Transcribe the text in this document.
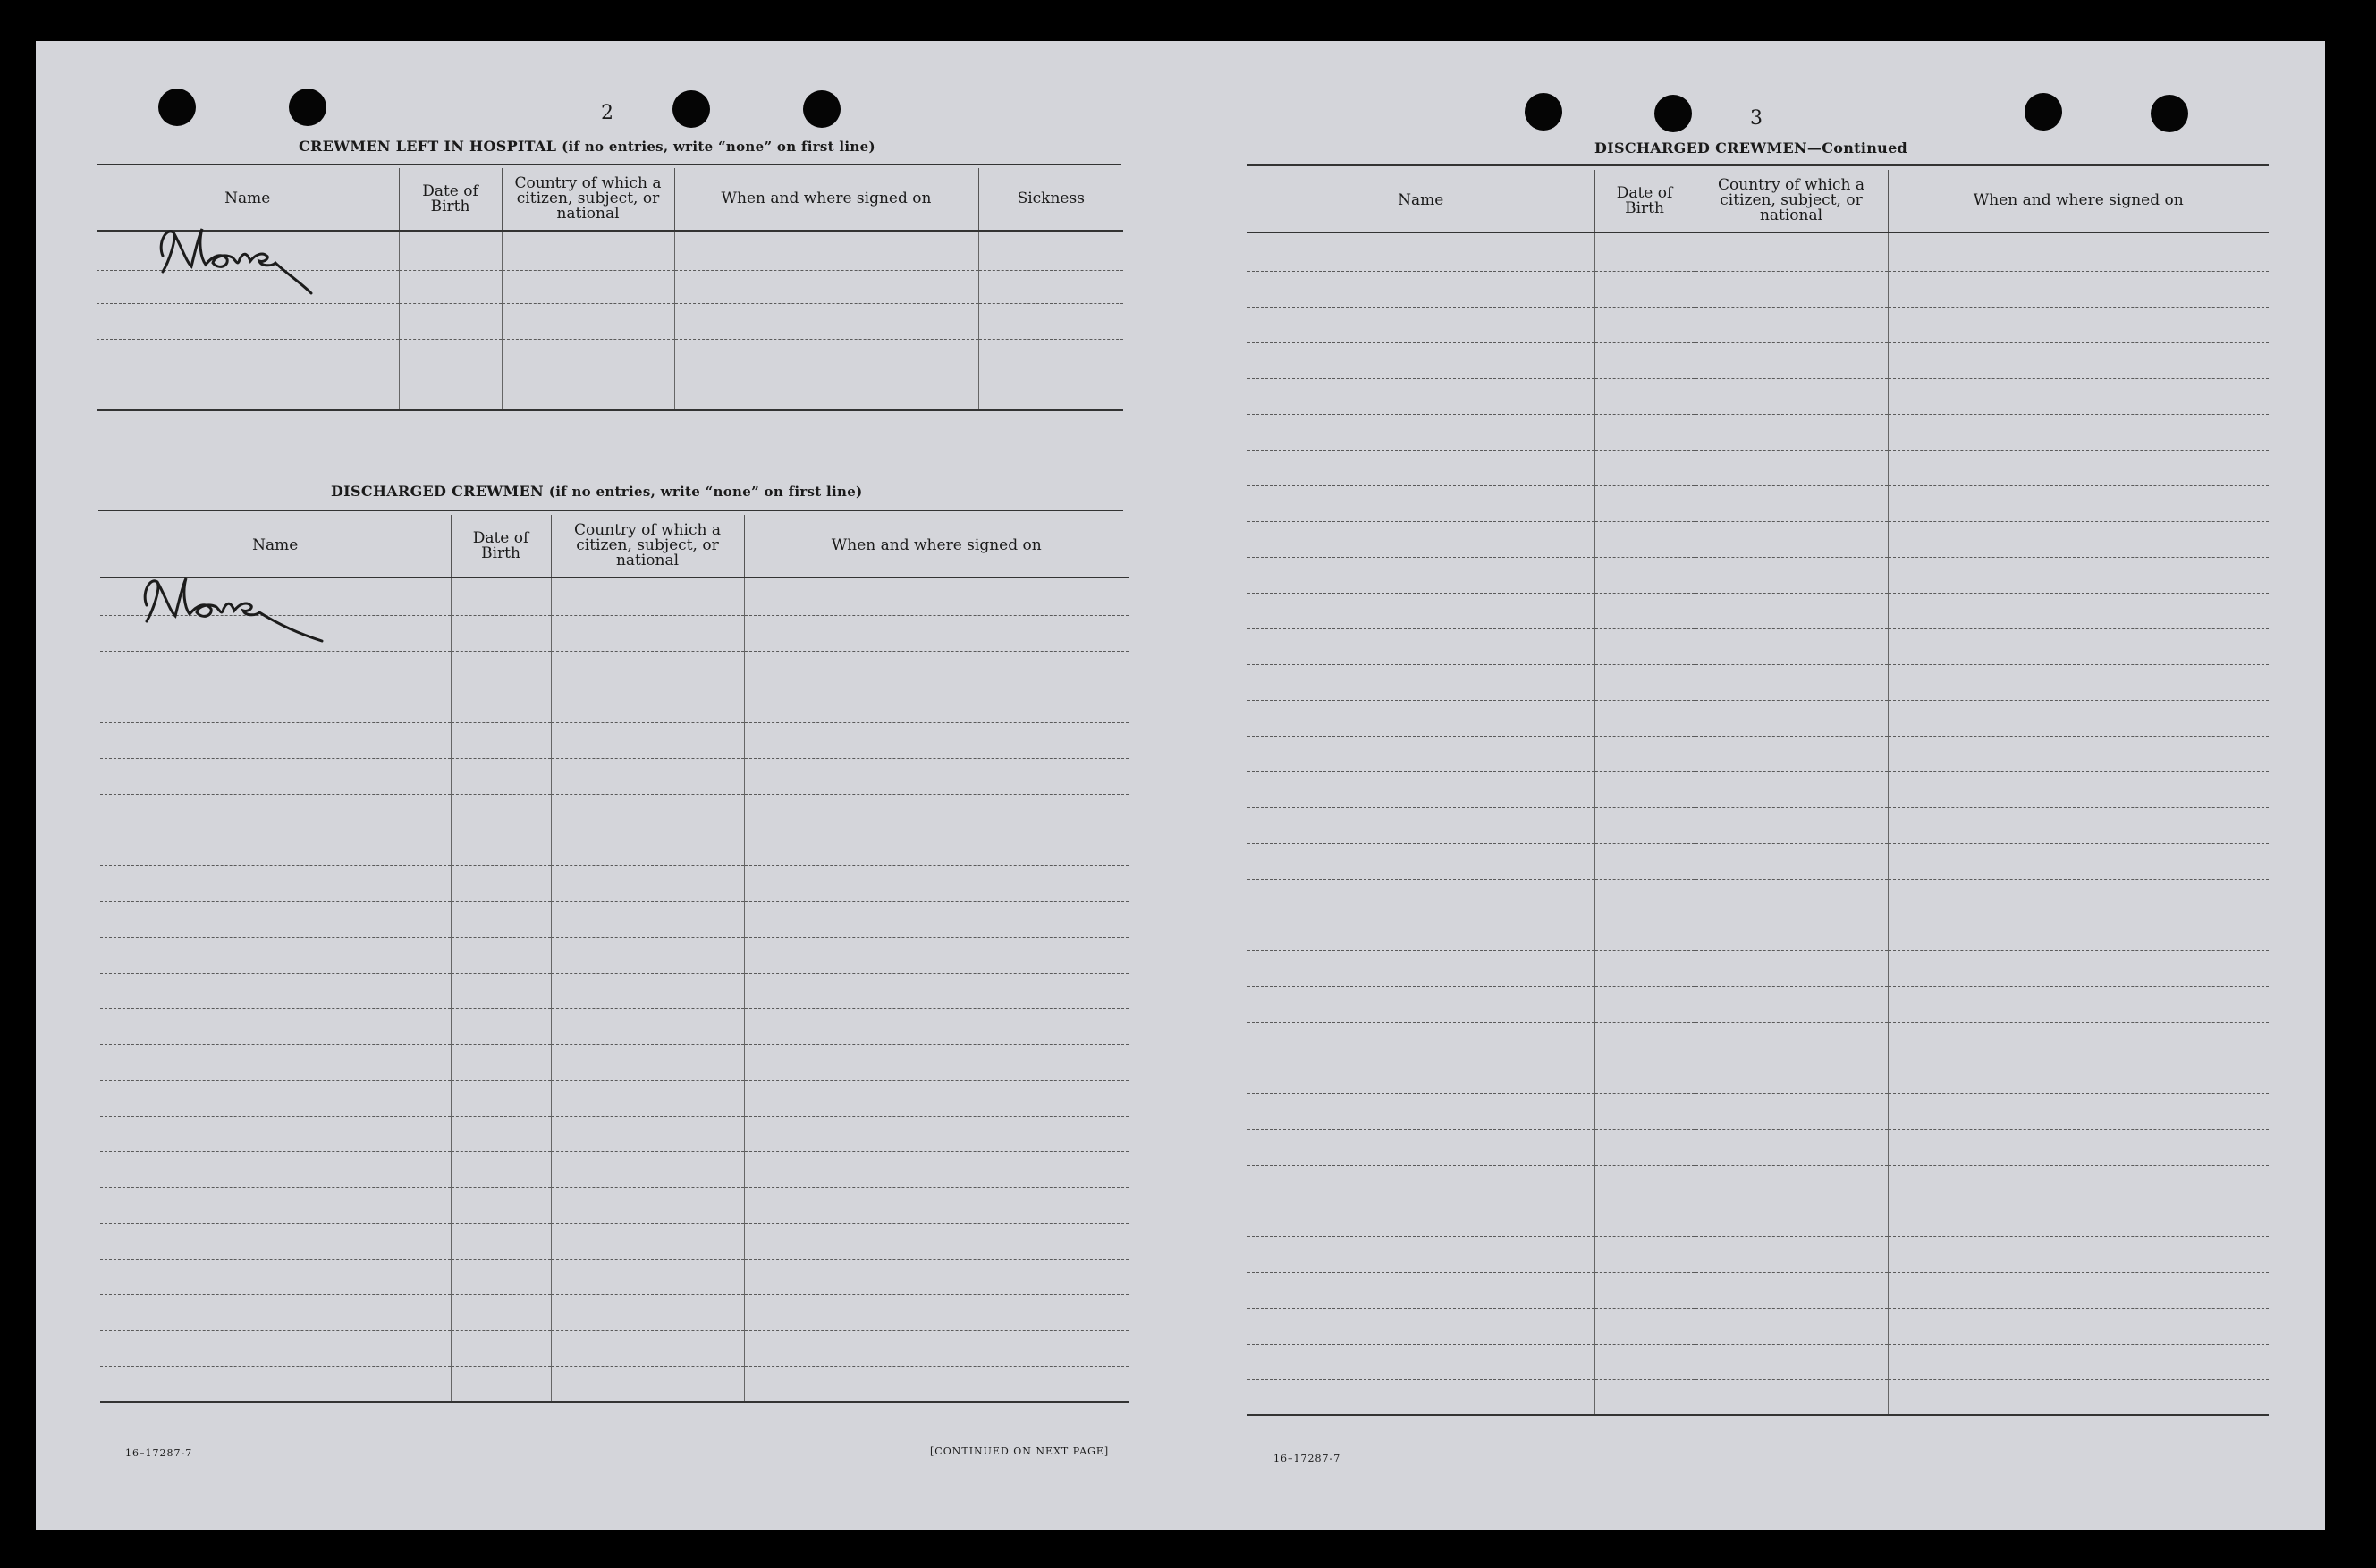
2
CREWMEN LEFT IN HOSPITAL (if no entries, write “none” on first line)
Name	Date of Birth	Country of which a citizen, subject, or national	When and where signed on	Sickness

DISCHARGED CREWMEN (if no entries, write “none” on first line)
Name	Date of Birth	Country of which a citizen, subject, or national	When and where signed on

16–17287-7	[CONTINUED ON NEXT PAGE]
3
DISCHARGED CREWMEN—Continued
Name	Date of Birth	Country of which a citizen, subject, or national	When and where signed on

16–17287-7
